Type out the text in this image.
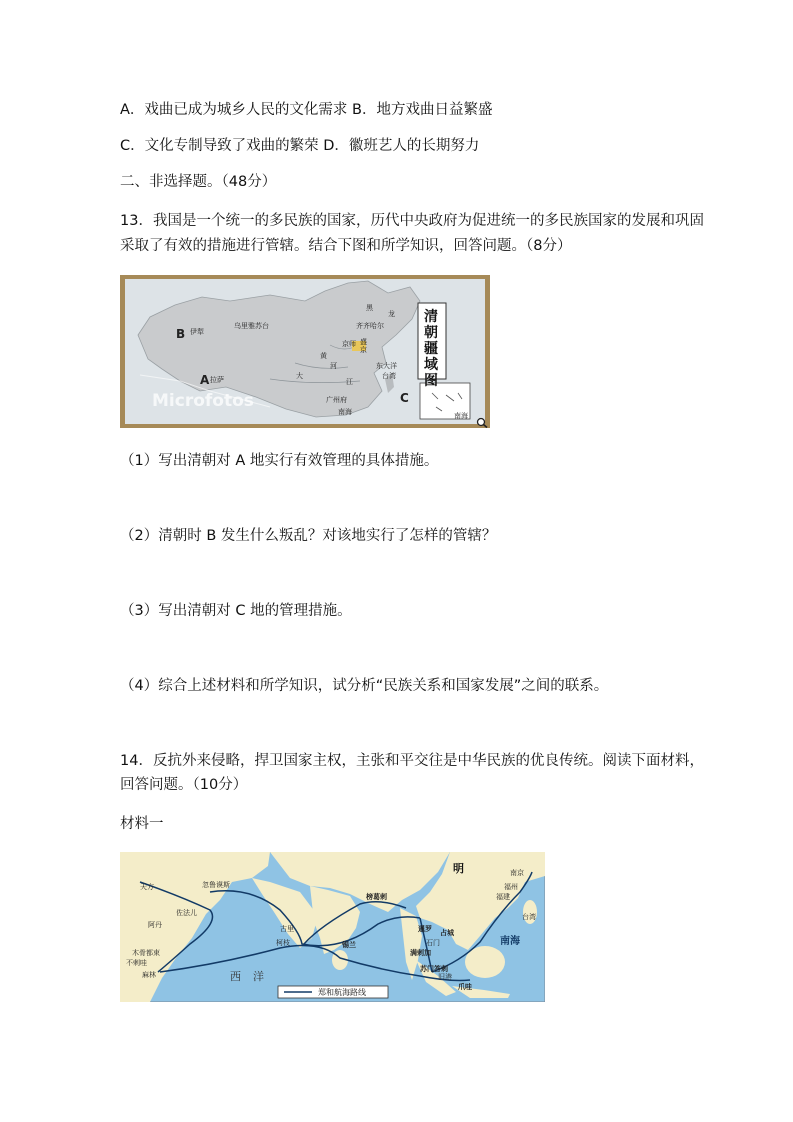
A．戏曲已成为城乡人民的文化需求 B．地方戏曲日益繁盛
C．文化专制导致了戏曲的繁荣 D．徽班艺人的长期努力
二、非选择题。（48分）
13．我国是一个统一的多民族的国家，历代中央政府为促进统一的多民族国家的发展和巩固
采取了有效的措施进行管辖。结合下图和所学知识，回答问题。（8分）
清朝疆域图
Microfotos
B
A
C
伊犁
乌里雅苏台	齐齐哈尔
黑
龙
京师 盛
京
黄
河
大
江
拉萨
东大洋
台湾
广州府
南海	南海
（1）写出清朝对 A 地实行有效管理的具体措施。
（2）清朝时 B 发生什么叛乱？对该地实行了怎样的管辖？
（3）写出清朝对 C 地的管理措施。
（4）综合上述材料和所学知识，试分析“民族关系和国家发展”之间的联系。
14．反抗外来侵略，捍卫国家主权，主张和平交往是中华民族的优良传统。阅读下面材料，
回答问题。（10分）
材料一
明
郑和航海路线
天方	忽鲁谟斯
佐法儿
阿丹
木骨都束
不剌哇
麻林	西洋
古里
柯枝	锡兰
榜葛剌
暹罗 占城
满剌加
苏门答剌
爪哇
旧港
南海
南京
福州
台湾
福建
石门
